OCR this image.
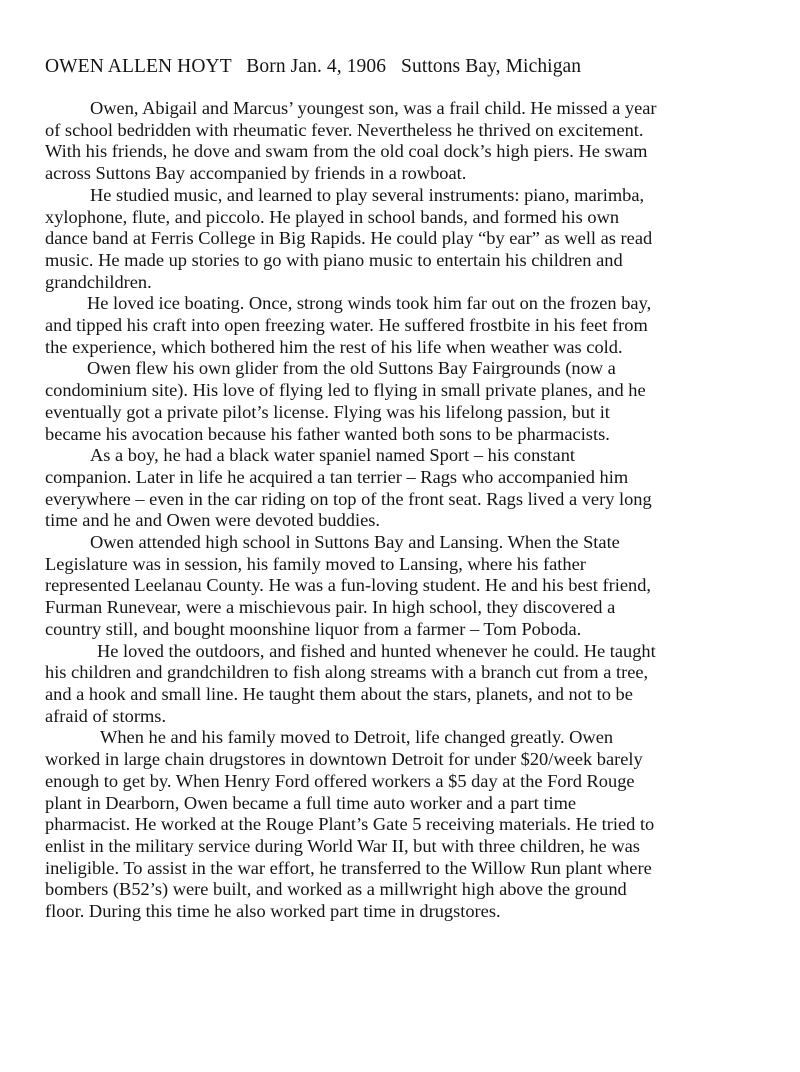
OWEN ALLEN HOYT   Born Jan. 4, 1906   Suttons Bay, Michigan

Owen, Abigail and Marcus’ youngest son, was a frail child. He missed a year
of school bedridden with rheumatic fever. Nevertheless he thrived on excitement.
With his friends, he dove and swam from the old coal dock’s high piers. He swam
across Suttons Bay accompanied by friends in a rowboat.

He studied music, and learned to play several instruments: piano, marimba,
xylophone, flute, and piccolo. He played in school bands, and formed his own
dance band at Ferris College in Big Rapids. He could play “by ear” as well as read
music. He made up stories to go with piano music to entertain his children and
grandchildren.

He loved ice boating. Once, strong winds took him far out on the frozen bay,
and tipped his craft into open freezing water. He suffered frostbite in his feet from
the experience, which bothered him the rest of his life when weather was cold.

Owen flew his own glider from the old Suttons Bay Fairgrounds (now a
condominium site). His love of flying led to flying in small private planes, and he
eventually got a private pilot’s license. Flying was his lifelong passion, but it
became his avocation because his father wanted both sons to be pharmacists.

As a boy, he had a black water spaniel named Sport – his constant
companion. Later in life he acquired a tan terrier – Rags who accompanied him
everywhere – even in the car riding on top of the front seat. Rags lived a very long
time and he and Owen were devoted buddies.

Owen attended high school in Suttons Bay and Lansing. When the State
Legislature was in session, his family moved to Lansing, where his father
represented Leelanau County. He was a fun-loving student. He and his best friend,
Furman Runevear, were a mischievous pair. In high school, they discovered a
country still, and bought moonshine liquor from a farmer – Tom Poboda.

He loved the outdoors, and fished and hunted whenever he could. He taught
his children and grandchildren to fish along streams with a branch cut from a tree,
and a hook and small line. He taught them about the stars, planets, and not to be
afraid of storms.

When he and his family moved to Detroit, life changed greatly. Owen
worked in large chain drugstores in downtown Detroit for under $20/week barely
enough to get by. When Henry Ford offered workers a $5 day at the Ford Rouge
plant in Dearborn, Owen became a full time auto worker and a part time
pharmacist. He worked at the Rouge Plant’s Gate 5 receiving materials. He tried to
enlist in the military service during World War II, but with three children, he was
ineligible. To assist in the war effort, he transferred to the Willow Run plant where
bombers (B52’s) were built, and worked as a millwright high above the ground
floor. During this time he also worked part time in drugstores.
